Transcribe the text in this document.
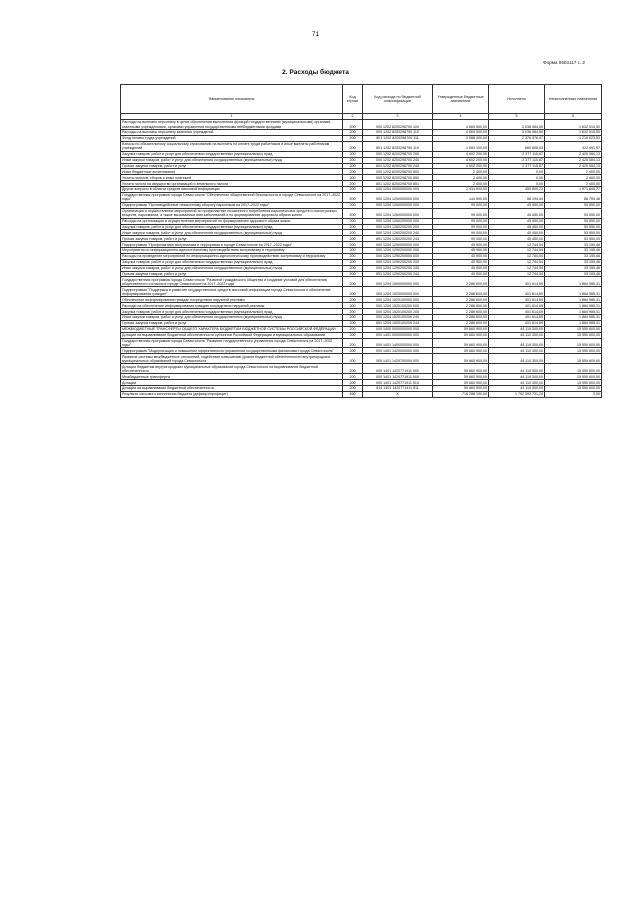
71
Форма 0503117 с. 2
2. Расходы бюджета
Наименование показателя	Код строки	Код расхода по бюджетной классификации	Утвержденные бюджетные назначения	Исполнено	Неисполненные назначения
1	2	3	4	5	6
Расходы на выплаты персоналу в целях обеспечения выполнения функций государственными (муниципальными) органами, казенными учреждениями, органами управления государственными внебюджетными фондами	200	000 1202 8200298700 100	4 669 500,00	3 036 984,50	1 632 515,50
Расходы на выплаты персоналу казенных учреждений	200	000 1202 8200298700 110	4 669 500,00	3 036 984,50	1 632 515,50
Фонд оплаты труда учреждений	200	801 1202 8200298700 111	3 586 400,00	2 376 376,47	1 210 023,53
Взносы по обязательному социальному страхованию на выплаты по оплате труда работников и иные выплаты работникам учреждений	200	801 1202 8200298700 119	1 083 100,00	660 608,03	422 491,97
Закупка товаров, работ и услуг для обеспечения государственных (муниципальных) нужд	200	000 1202 8200298700 200	4 602 200,00	2 377 115,87	2 425 084,13
Иные закупки товаров, работ и услуг для обеспечения государственных (муниципальных) нужд	200	000 1202 8200298700 240	4 602 200,00	2 377 115,87	2 425 084,13
Прочая закупка товаров, работ и услуг	200	801 1202 8200298700 244	4 602 200,00	2 377 115,87	2 425 084,13
Иные бюджетные ассигнования	200	000 1202 8200298700 800	2 400,00	0,00	2 400,00
Уплата налогов, сборов и иных платежей	200	000 1202 8200298700 850	2 400,00	0,00	2 400,00
Уплата налога на имущество организаций и земельного налога	200	801 1202 8200298700 851	2 400,00	0,00	2 400,00
Другие вопросы в области средств массовой информации	200	000 1204 0000000000 000	2 431 500,00	459 809,23	1 971 690,77
Государственная программа города Севастополя "Обеспечение общественной безопасности в городе Севастополе на 2017–2022 годы"	200	000 1204 1200000000 000	144 900,00	58 194,54	86 705,46
Подпрограмма "Противодействие незаконному обороту наркотиков на 2017–2022 годы"	200	000 1204 1260000000 000	99 000,00	45 450,00	53 550,00
Организация и осуществление мероприятий по профилактике незаконного потребления наркотических средств и психотропных веществ, наркомании, а также вызываемых ими заболеваний и по формированию здорового образа жизни	200	000 1204 1260000000 000	99 000,00	45 450,00	53 550,00
Расходы на организацию и осуществление мероприятий по формированию здорового образа жизни	200	000 1204 1260200000 000	99 000,00	45 450,00	53 550,00
Закупка товаров, работ и услуг для обеспечения государственных (муниципальных) нужд	200	000 1204 1260200200 200	99 000,00	45 450,00	53 550,00
Иные закупки товаров, работ и услуг для обеспечения государственных (муниципальных) нужд	200	000 1204 1260200200 240	99 000,00	45 450,00	53 550,00
Прочая закупка товаров, работ и услуг	200	851 1204 1260200200 244	99 000,00	45 450,00	53 550,00
Подпрограмма "Профилактика экстремизма и терроризма в городе Севастополе на 2017–2022 годы"	200	000 1204 1290000000 000	45 900,00	12 744,54	33 155,46
Мероприятия по информационно-идеологическому противодействию экстремизму и терроризму	200	000 1204 1290200000 000	45 900,00	12 744,54	33 155,46
Расходы на проведение мероприятий по информационно-идеологическому противодействию экстремизму и терроризму	200	000 1204 1290200000 000	45 900,00	12 744,54	33 155,46
Закупка товаров, работ и услуг для обеспечения государственных (муниципальных) нужд	200	000 1204 1290200200 200	45 900,00	12 744,54	33 155,46
Иные закупки товаров, работ и услуг для обеспечения государственных (муниципальных) нужд	200	000 1204 1290200200 240	45 900,00	12 744,54	33 155,46
Прочая закупка товаров, работ и услуг	200	851 1204 1290200200 244	45 900,00	12 744,54	33 155,46
Государственная программа города Севастополя "Развитие гражданского общества и создание условий для обеспечения общественного согласия в городе Севастополе на 2017–2022 годы"	200	000 1204 1500000000 000	2 286 600,00	401 614,69	1 884 985,31
Подпрограмма "Поддержка и развитие государственных средств массовой информации города Севастополя и обеспечение информирования граждан"	200	000 1204 1520000000 000	2 286 600,00	401 614,69	1 884 985,31
Обеспечение информирования граждан посредством наружной рекламы	200	000 1204 1520100000 000	2 286 600,00	401 614,69	1 884 985,31
Расходы на обеспечение информирования граждан посредством наружной рекламы	200	000 1204 1520100200 000	2 286 600,00	401 614,69	1 884 985,31
Закупка товаров, работ и услуг для обеспечения государственных (муниципальных) нужд	200	000 1204 1520100200 200	2 286 600,00	401 614,69	1 884 985,31
Иные закупки товаров, работ и услуг для обеспечения государственных (муниципальных) нужд	200	000 1204 1520100200 240	2 286 600,00	401 614,69	1 884 985,31
Прочая закупка товаров, работ и услуг	200	851 1204 1520100200 244	2 286 600,00	401 614,69	1 884 985,31
МЕЖБЮДЖЕТНЫЕ ТРАНСФЕРТЫ ОБЩЕГО ХАРАКТЕРА БЮДЖЕТАМ БЮДЖЕТНОЙ СИСТЕМЫ РОССИЙСКОЙ ФЕДЕРАЦИИ	200	000 1400 0000000000 000	59 660 900,00	44 110 300,00	15 550 600,00
Дотации на выравнивание бюджетной обеспеченности субъектов Российской Федерации и муниципальных образований	200	000 1401 0000000000 000	59 660 900,00	44 110 300,00	15 550 600,00
Государственная программа города Севастополя "Развитие государственного управления города Севастополя на 2017–2022 годы"	200	000 1401 1400000000 000	59 660 900,00	44 110 300,00	15 550 600,00
Подпрограмма "Модернизация и повышение эффективности управления государственными финансами города Севастополя"	200	000 1401 1420000000 000	59 660 900,00	44 110 300,00	15 550 600,00
Развитие системы межбюджетных отношений, содействие повышению уровня бюджетной обеспеченности внутригородских муниципальных образований города Севастополя	200	000 1401 1420700000 000	59 660 900,00	44 110 300,00	15 550 600,00
Дотации бюджетам внутригородских муниципальных образований города Севастополя на выравнивание бюджетной обеспеченности	200	000 1401 1420771911 000	59 660 900,00	44 110 300,00	15 550 600,00
Межбюджетные трансферты	200	000 1401 1420771911 500	59 660 900,00	44 110 300,00	15 550 600,00
Дотации	200	000 1401 1420771911 510	59 660 900,00	44 110 300,00	15 550 600,00
Дотации на выравнивание бюджетной обеспеченности	200	814 1401 1420771911 511	59 660 900,00	44 110 300,00	15 550 600,00
Результат кассового исполнения бюджета (дефицит/профицит)	450	X	-716 288 190,00	1 702 392 731,24	0,00
